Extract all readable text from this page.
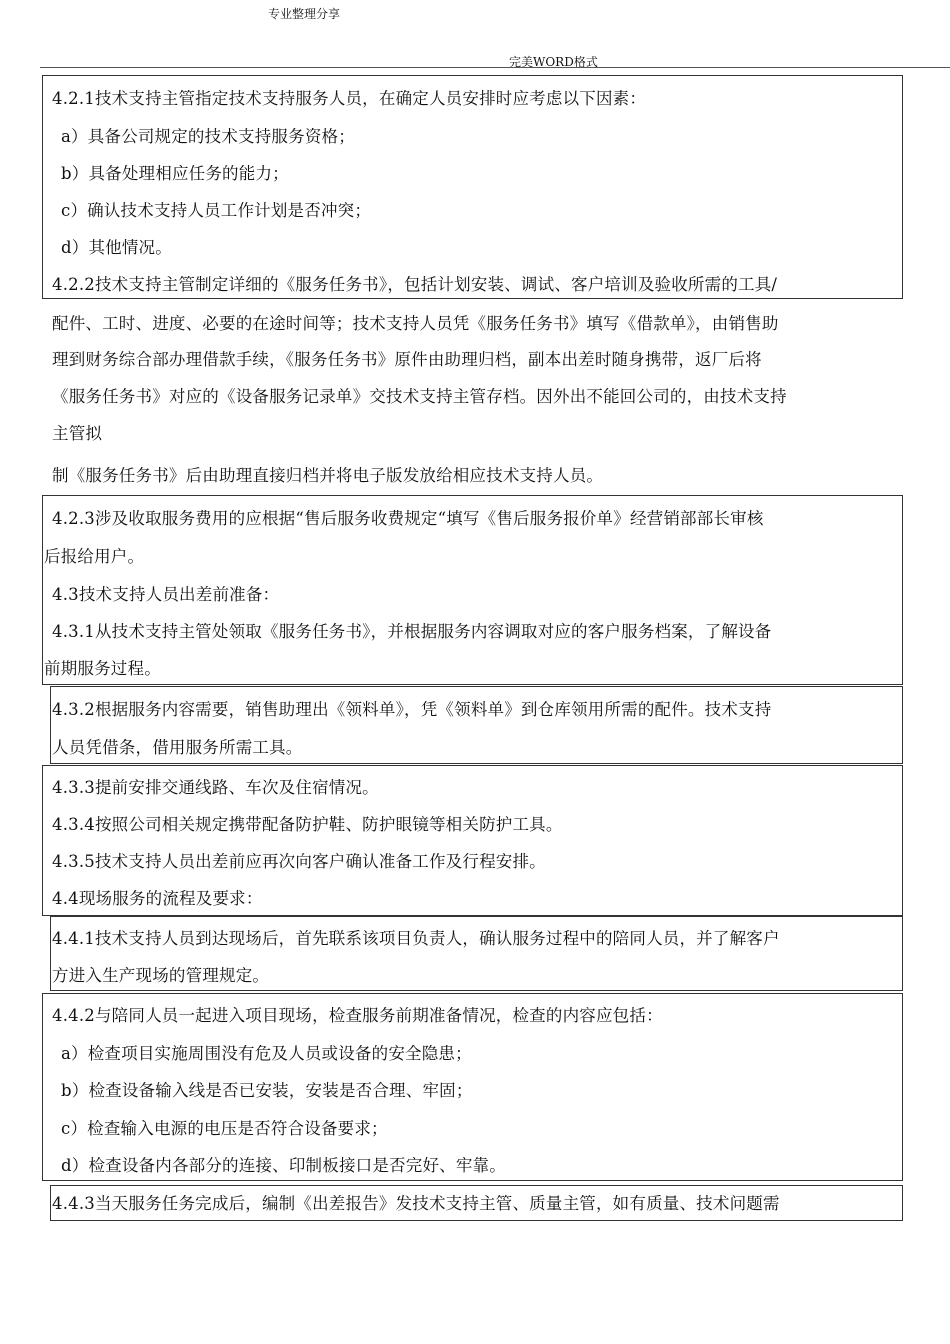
专业整理分享
完美WORD格式
4.2.1技术支持主管指定技术支持服务人员，在确定人员安排时应考虑以下因素：
a）具备公司规定的技术支持服务资格；
b）具备处理相应任务的能力；
c）确认技术支持人员工作计划是否冲突；
d）其他情况。
4.2.2技术支持主管制定详细的《服务任务书》，包括计划安装、调试、客户培训及验收所需的工具/
配件、工时、进度、必要的在途时间等；技术支持人员凭《服务任务书》填写《借款单》，由销售助
理到财务综合部办理借款手续，《服务任务书》原件由助理归档，副本出差时随身携带，返厂后将
《服务任务书》对应的《设备服务记录单》交技术支持主管存档。因外出不能回公司的，由技术支持
主管拟
制《服务任务书》后由助理直接归档并将电子版发放给相应技术支持人员。
4.2.3涉及收取服务费用的应根据“售后服务收费规定“填写《售后服务报价单》经营销部部长审核
后报给用户。
4.3技术支持人员出差前准备：
4.3.1从技术支持主管处领取《服务任务书》，并根据服务内容调取对应的客户服务档案，了解设备
前期服务过程。
4.3.2根据服务内容需要，销售助理出《领料单》，凭《领料单》到仓库领用所需的配件。技术支持
人员凭借条，借用服务所需工具。
4.3.3提前安排交通线路、车次及住宿情况。
4.3.4按照公司相关规定携带配备防护鞋、防护眼镜等相关防护工具。
4.3.5技术支持人员出差前应再次向客户确认准备工作及行程安排。
4.4现场服务的流程及要求：
4.4.1技术支持人员到达现场后，首先联系该项目负责人，确认服务过程中的陪同人员，并了解客户
方进入生产现场的管理规定。
4.4.2与陪同人员一起进入项目现场，检查服务前期准备情况，检查的内容应包括：
a）检查项目实施周围没有危及人员或设备的安全隐患；
b）检查设备输入线是否已安装，安装是否合理、牢固；
c）检查输入电源的电压是否符合设备要求；
d）检查设备内各部分的连接、印制板接口是否完好、牢靠。
4.4.3当天服务任务完成后，编制《出差报告》发技术支持主管、质量主管，如有质量、技术问题需
